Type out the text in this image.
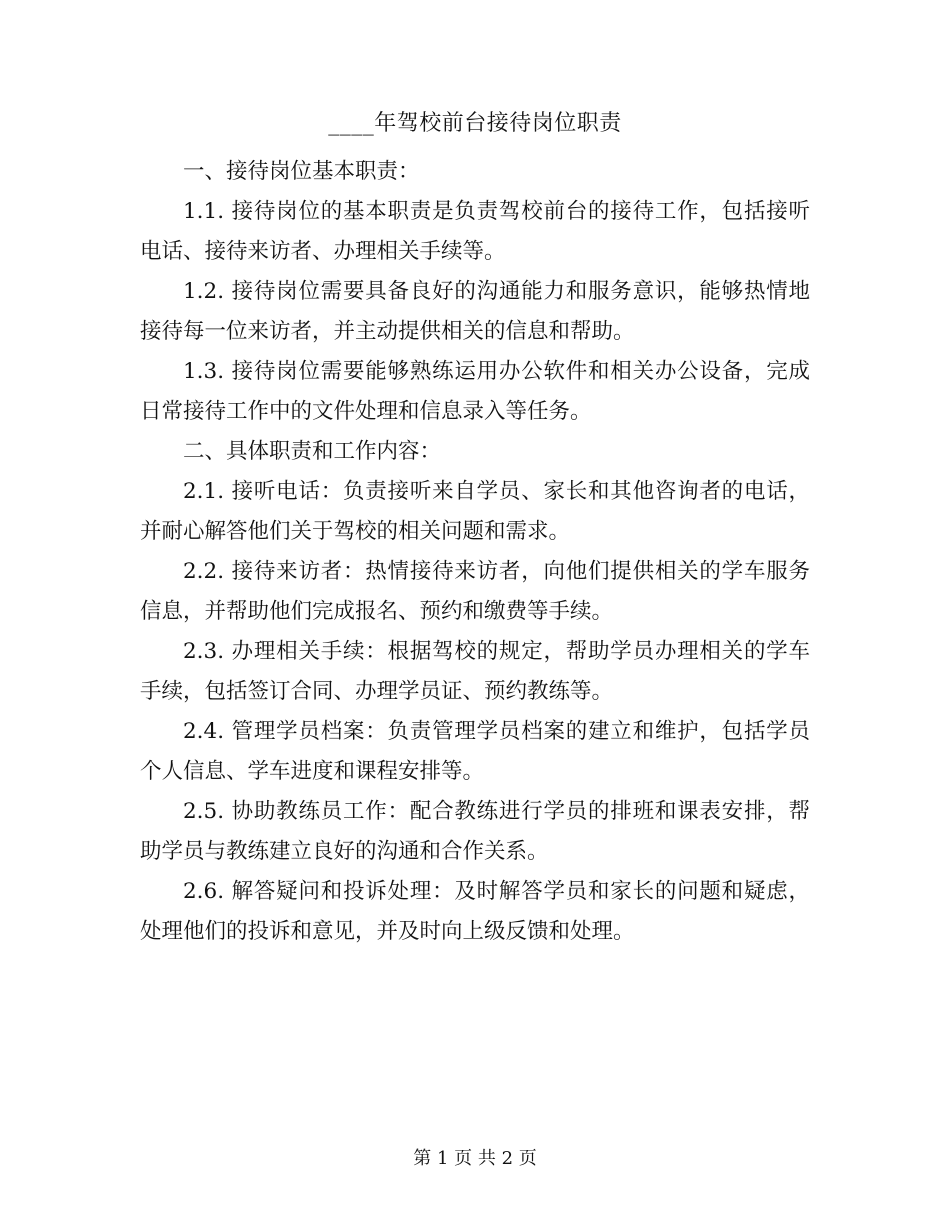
____年驾校前台接待岗位职责

一、接待岗位基本职责：

1.1. 接待岗位的基本职责是负责驾校前台的接待工作，包括接听电话、接待来访者、办理相关手续等。

1.2. 接待岗位需要具备良好的沟通能力和服务意识，能够热情地接待每一位来访者，并主动提供相关的信息和帮助。

1.3. 接待岗位需要能够熟练运用办公软件和相关办公设备，完成日常接待工作中的文件处理和信息录入等任务。

二、具体职责和工作内容：

2.1. 接听电话：负责接听来自学员、家长和其他咨询者的电话，并耐心解答他们关于驾校的相关问题和需求。

2.2. 接待来访者：热情接待来访者，向他们提供相关的学车服务信息，并帮助他们完成报名、预约和缴费等手续。

2.3. 办理相关手续：根据驾校的规定，帮助学员办理相关的学车手续，包括签订合同、办理学员证、预约教练等。

2.4. 管理学员档案：负责管理学员档案的建立和维护，包括学员个人信息、学车进度和课程安排等。

2.5. 协助教练员工作：配合教练进行学员的排班和课表安排，帮助学员与教练建立良好的沟通和合作关系。

2.6. 解答疑问和投诉处理：及时解答学员和家长的问题和疑虑，处理他们的投诉和意见，并及时向上级反馈和处理。

第 1 页 共 2 页
